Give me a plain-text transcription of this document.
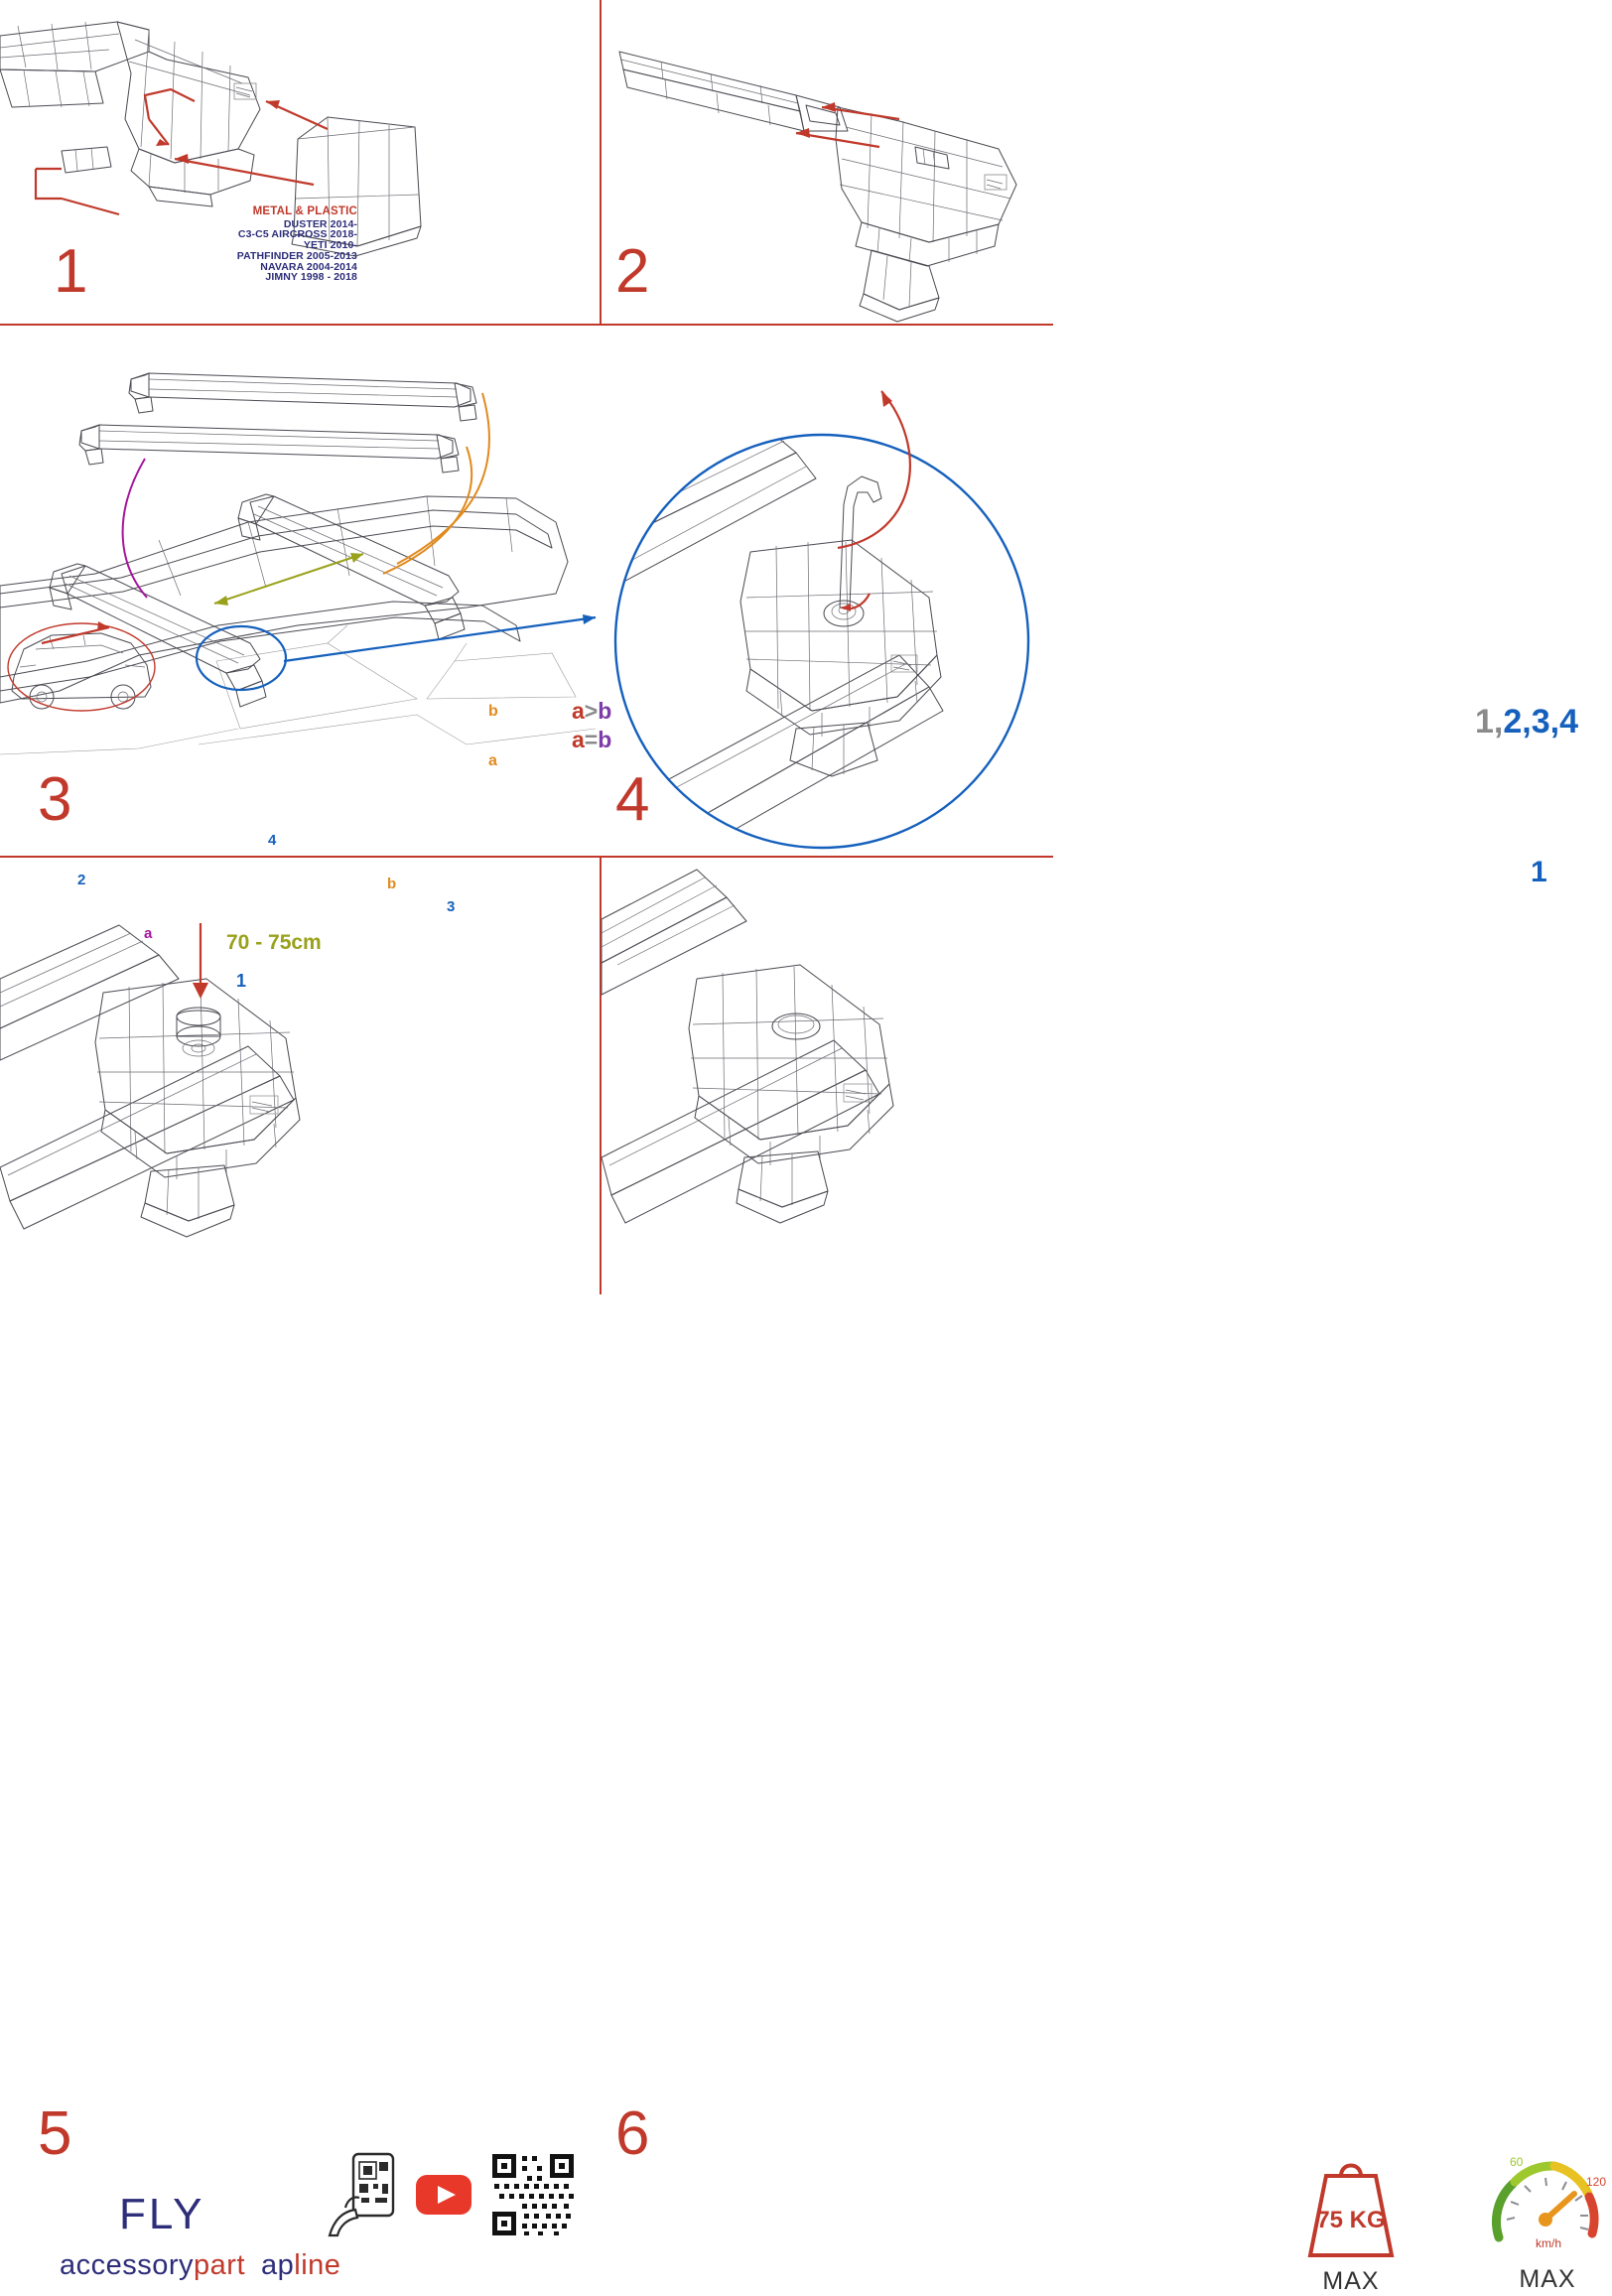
METAL & PLASTIC
DUSTER 2014-
C3-C5 AIRCROSS 2018-
YETI 2010-
PATHFINDER 2005-2013
NAVARA 2004-2014
JIMNY 1998 - 2018
1	2
a>b
a=b
b
a
b
a
2
3
4
1
70 - 75cm
3
1,2,3,4
1
4
FLY
accessorypart apline
5
75 KG
MAX
60
120
km/h
MAX
6
